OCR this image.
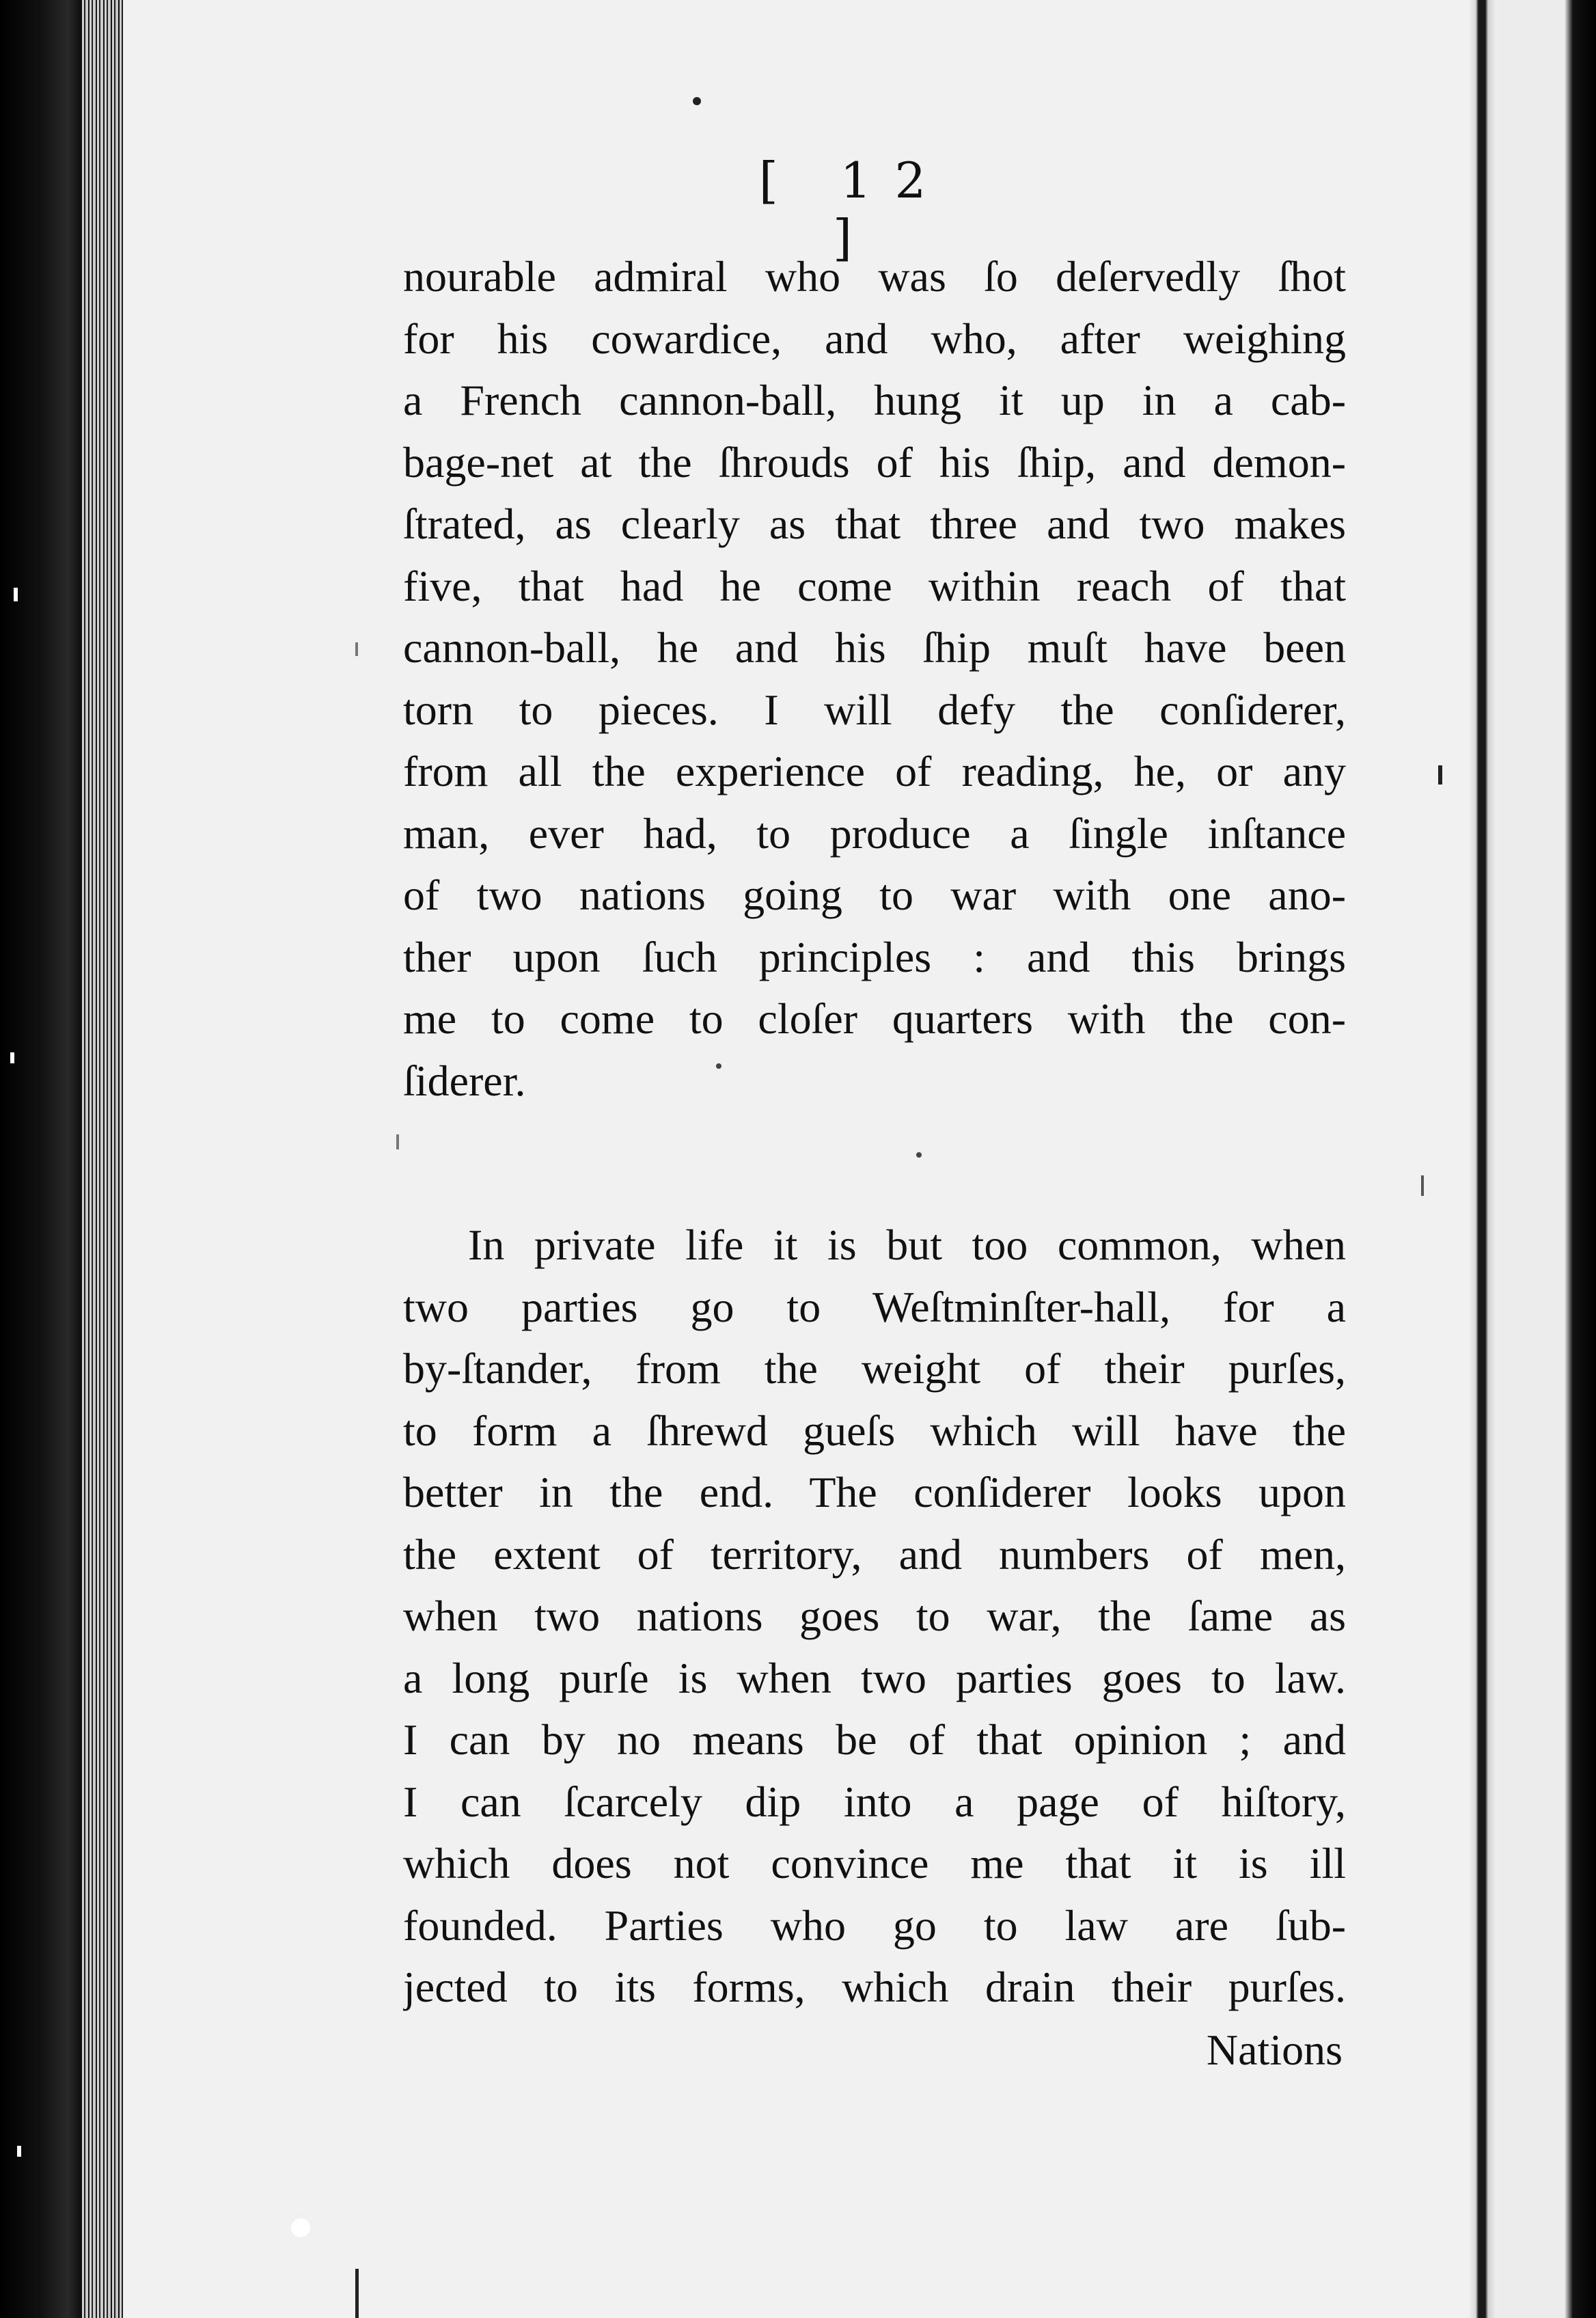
[ 12 ]
nourable admiral who was ſo deſervedly ſhot
for his cowardice, and who, after weighing
a French cannon-ball, hung it up in a cab-
bage-net at the ſhrouds of his ſhip, and demon-
ſtrated, as clearly as that three and two makes
five, that had he come within reach of that
cannon-ball, he and his ſhip muſt have been
torn to pieces. I will defy the conſiderer,
from all the experience of reading, he, or any
man, ever had, to produce a ſingle inſtance
of two nations going to war with one ano-
ther upon ſuch principles : and this brings
me to come to cloſer quarters with the con-
ſiderer.
In private life it is but too common, when
two parties go to Weſtminſter-hall, for a
by-ſtander, from the weight of their purſes,
to form a ſhrewd gueſs which will have the
better in the end. The conſiderer looks upon
the extent of territory, and numbers of men,
when two nations goes to war, the ſame as
a long purſe is when two parties goes to law.
I can by no means be of that opinion ; and
I can ſcarcely dip into a page of hiſtory,
which does not convince me that it is ill
founded. Parties who go to law are ſub-
jected to its forms, which drain their purſes.
Nations
